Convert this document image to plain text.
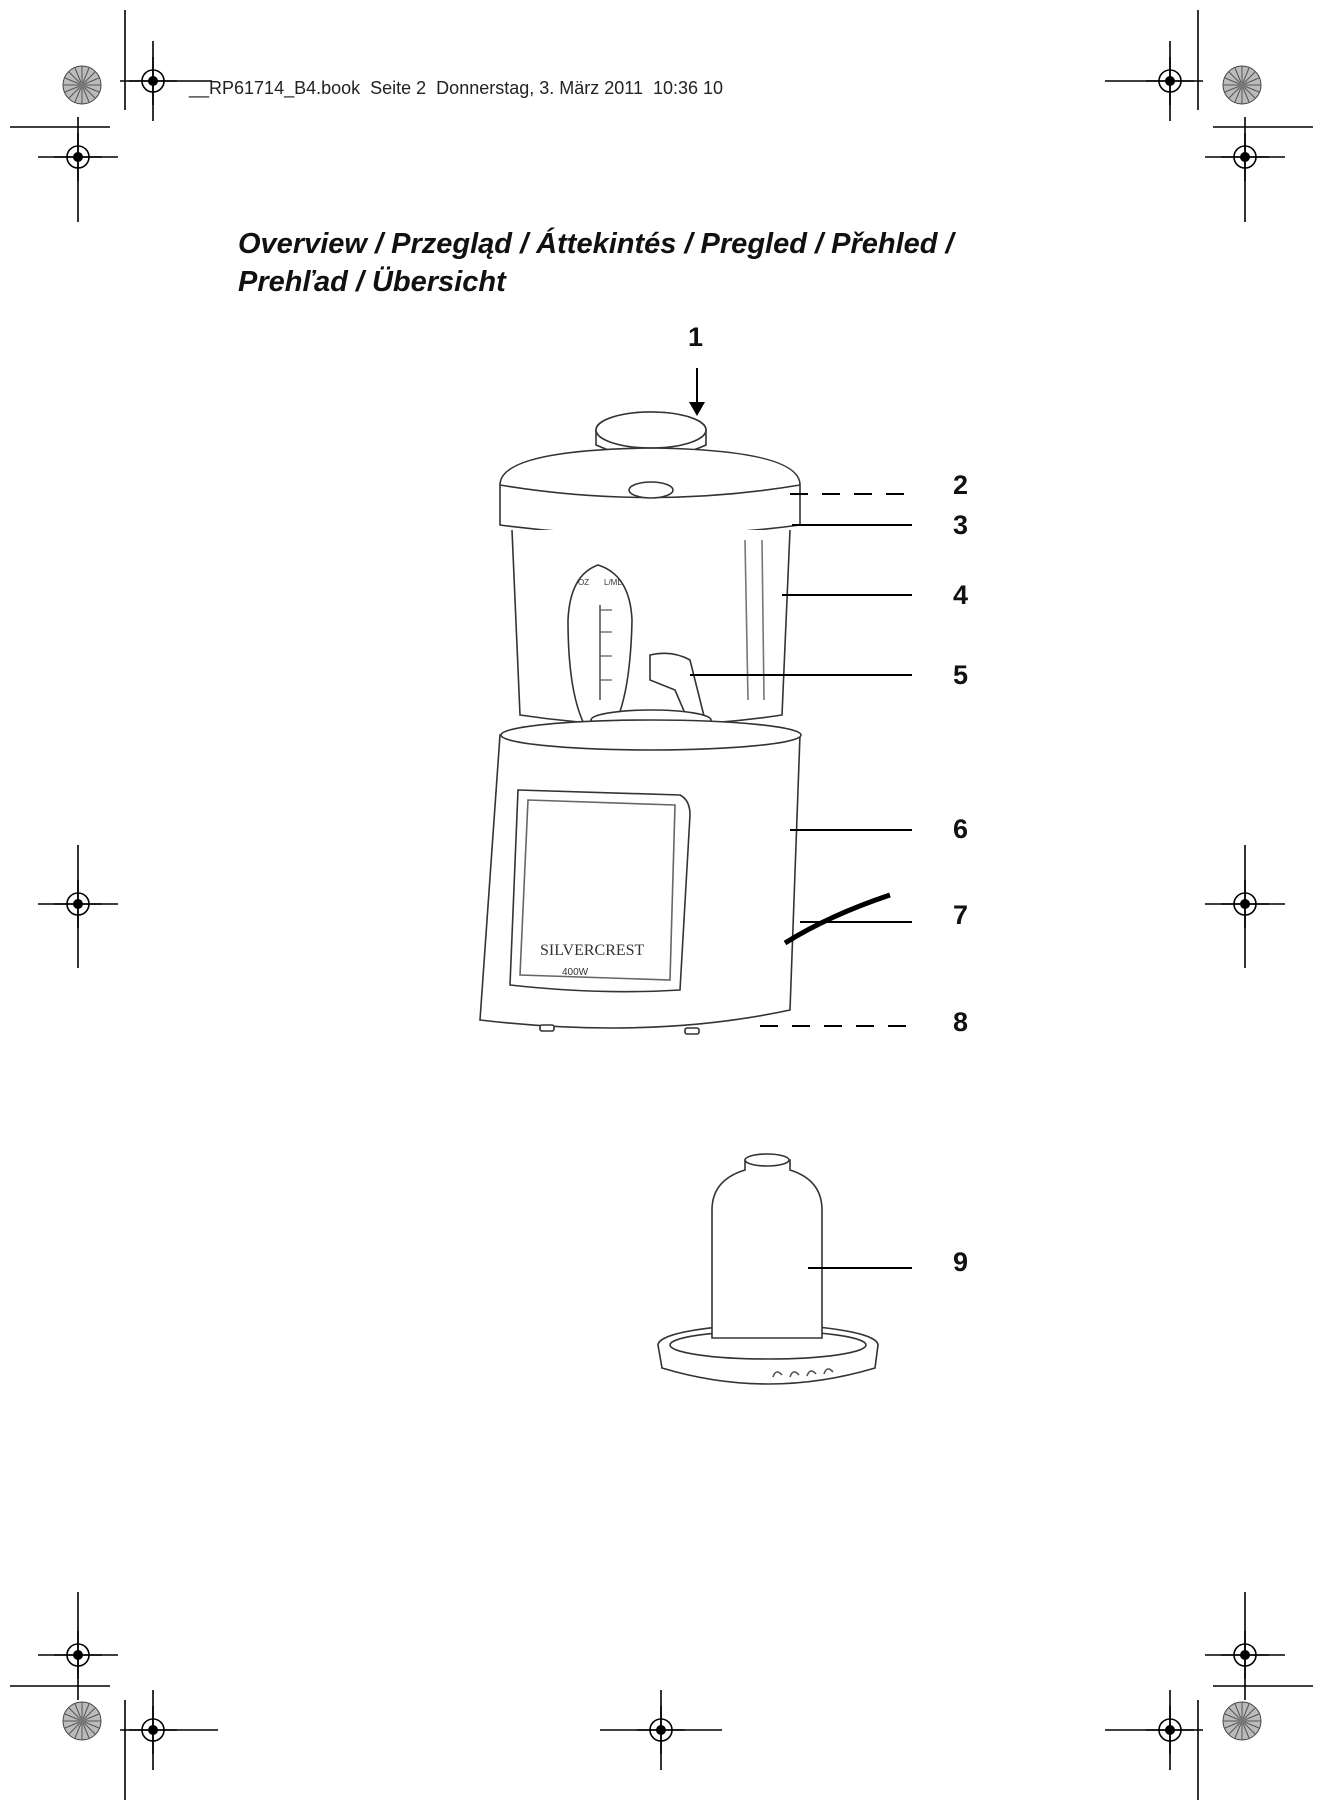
__RP61714_B4.book  Seite 2  Donnerstag, 3. März 2011  10:36 10
Overview / Przegląd / Áttekintés / Pregled / Přehled /
Prehľad / Übersicht
1
2
3
4
5
6
7
8
9
SILVERCREST
400W
OZ L/ML
